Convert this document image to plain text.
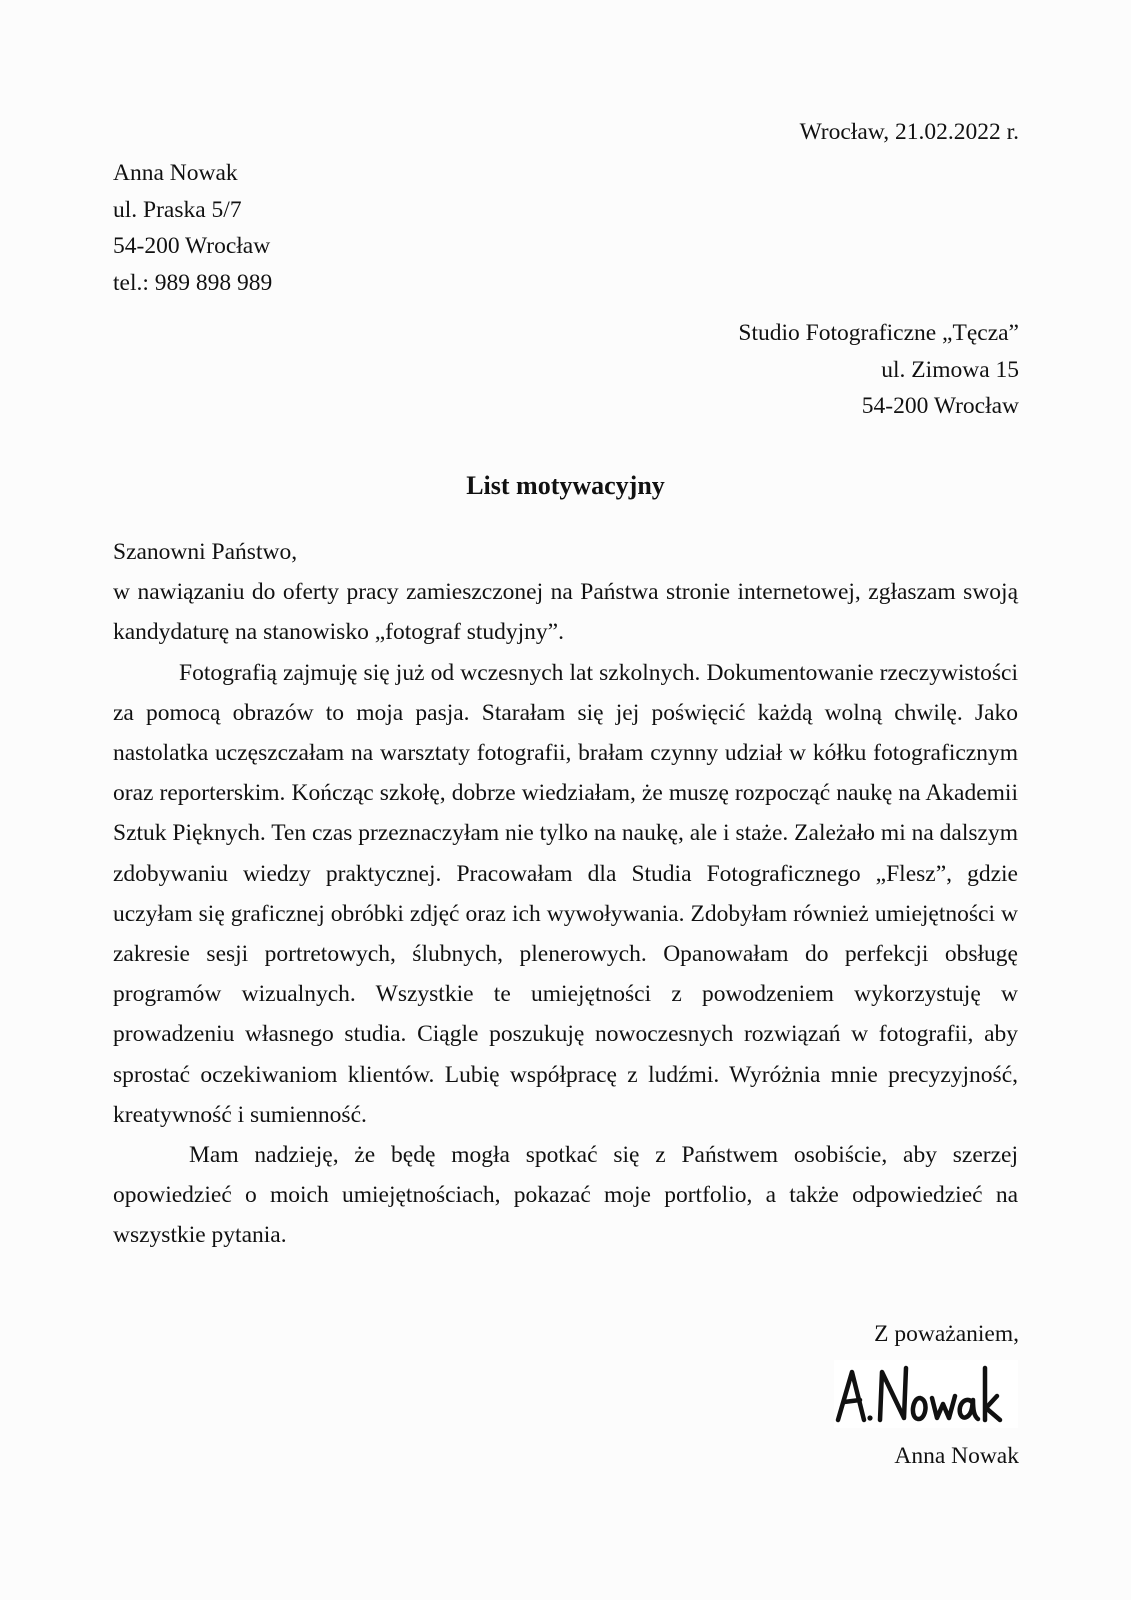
Wrocław, 21.02.2022 r.
Anna Nowak
ul. Praska 5/7
54-200 Wrocław
tel.: 989 898 989
Studio Fotograficzne „Tęcza”
ul. Zimowa 15
54-200 Wrocław
List motywacyjny

Szanowni Państwo,

w nawiązaniu do oferty pracy zamieszczonej na Państwa stronie internetowej, zgłaszam swoją kandydaturę na stanowisko „fotograf studyjny”.

Fotografią zajmuję się już od wczesnych lat szkolnych. Dokumentowanie rzeczywistości za pomocą obrazów to moja pasja. Starałam się jej poświęcić każdą wolną chwilę. Jako nastolatka uczęszczałam na warsztaty fotografii, brałam czynny udział w kółku fotograficznym oraz reporterskim. Kończąc szkołę, dobrze wiedziałam, że muszę rozpocząć naukę na Akademii Sztuk Pięknych. Ten czas przeznaczyłam nie tylko na naukę, ale i staże. Zależało mi na dalszym zdobywaniu wiedzy praktycznej. Pracowałam dla Studia Fotograficznego „Flesz”, gdzie uczyłam się graficznej obróbki zdjęć oraz ich wywoływania. Zdobyłam również umiejętności w zakresie sesji portretowych, ślubnych, plenerowych. Opanowałam do perfekcji obsługę programów wizualnych. Wszystkie te umiejętności z powodzeniem wykorzystuję w prowadzeniu własnego studia. Ciągle poszukuję nowoczesnych rozwiązań w fotografii, aby sprostać oczekiwaniom klientów. Lubię współpracę z ludźmi. Wyróżnia mnie precyzyjność, kreatywność i sumienność.

Mam nadzieję, że będę mogła spotkać się z Państwem osobiście, aby szerzej opowiedzieć o moich umiejętnościach, pokazać moje portfolio, a także odpowiedzieć na wszystkie pytania.

Z poważaniem,
Anna Nowak
